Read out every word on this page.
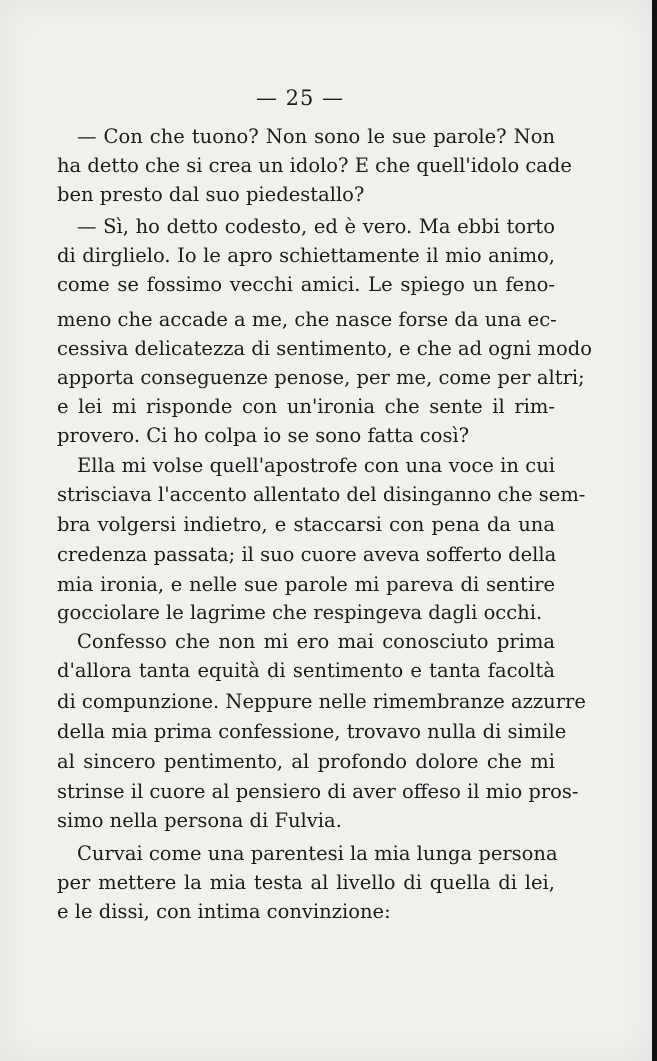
— 25 —
— Con che tuono? Non sono le sue parole? Non
ha detto che si crea un idolo? E che quell'idolo cade
ben presto dal suo piedestallo?
— Sì, ho detto codesto, ed è vero. Ma ebbi torto
di dirglielo. Io le apro schiettamente il mio animo,
come se fossimo vecchi amici. Le spiego un feno-
meno che accade a me, che nasce forse da una ec-
cessiva delicatezza di sentimento, e che ad ogni modo
apporta conseguenze penose, per me, come per altri;
e lei mi risponde con un'ironia che sente il rim-
provero. Ci ho colpa io se sono fatta così?
Ella mi volse quell'apostrofe con una voce in cui
strisciava l'accento allentato del disinganno che sem-
bra volgersi indietro, e staccarsi con pena da una
credenza passata; il suo cuore aveva sofferto della
mia ironia, e nelle sue parole mi pareva di sentire
gocciolare le lagrime che respingeva dagli occhi.
Confesso che non mi ero mai conosciuto prima
d'allora tanta equità di sentimento e tanta facoltà
di compunzione. Neppure nelle rimembranze azzurre
della mia prima confessione, trovavo nulla di simile
al sincero pentimento, al profondo dolore che mi
strinse il cuore al pensiero di aver offeso il mio pros-
simo nella persona di Fulvia.
Curvai come una parentesi la mia lunga persona
per mettere la mia testa al livello di quella di lei,
e le dissi, con intima convinzione:
